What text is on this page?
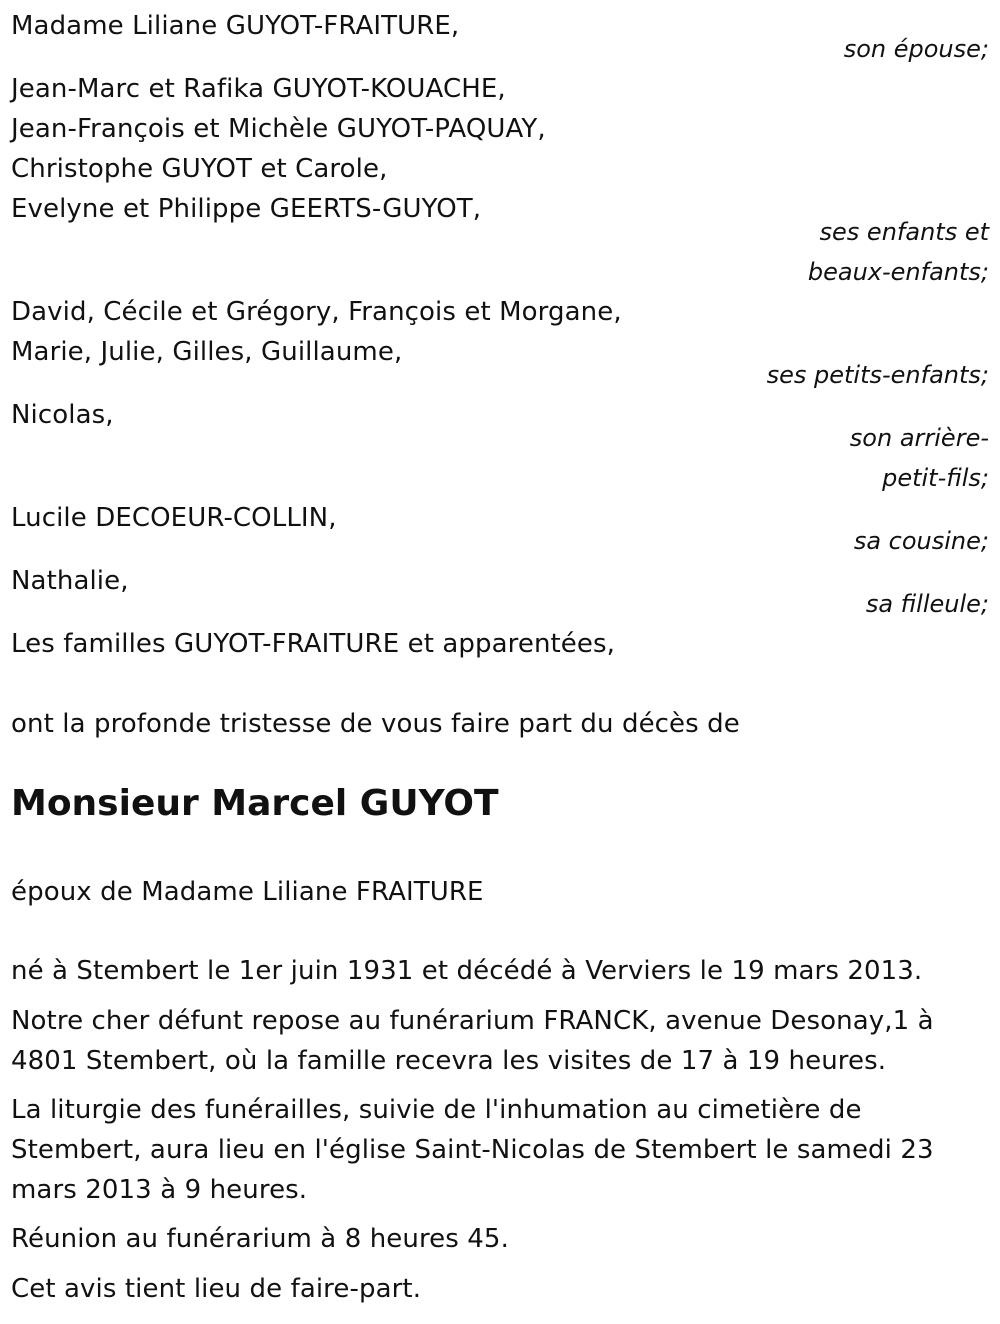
Madame Liliane GUYOT-FRAITURE,
son épouse;
Jean-Marc et Rafika GUYOT-KOUACHE,
Jean-François et Michèle GUYOT-PAQUAY,
Christophe GUYOT et Carole,
Evelyne et Philippe GEERTS-GUYOT,
ses enfants et
beaux-enfants;
David, Cécile et Grégory, François et Morgane,
Marie, Julie, Gilles, Guillaume,
ses petits-enfants;
Nicolas,
son arrière-
petit-fils;
Lucile DECOEUR-COLLIN,
sa cousine;
Nathalie,
sa filleule;
Les familles GUYOT-FRAITURE et apparentées,
ont la profonde tristesse de vous faire part du décès de
Monsieur Marcel GUYOT
époux de Madame Liliane FRAITURE
né à Stembert le 1er juin 1931 et décédé à Verviers le 19 mars 2013.
Notre cher défunt repose au funérarium FRANCK, avenue Desonay,1 à
4801 Stembert, où la famille recevra les visites de 17 à 19 heures.
La liturgie des funérailles, suivie de l'inhumation au cimetière de
Stembert, aura lieu en l'église Saint-Nicolas de Stembert le samedi 23
mars 2013 à 9 heures.
Réunion au funérarium à 8 heures 45.
Cet avis tient lieu de faire-part.
